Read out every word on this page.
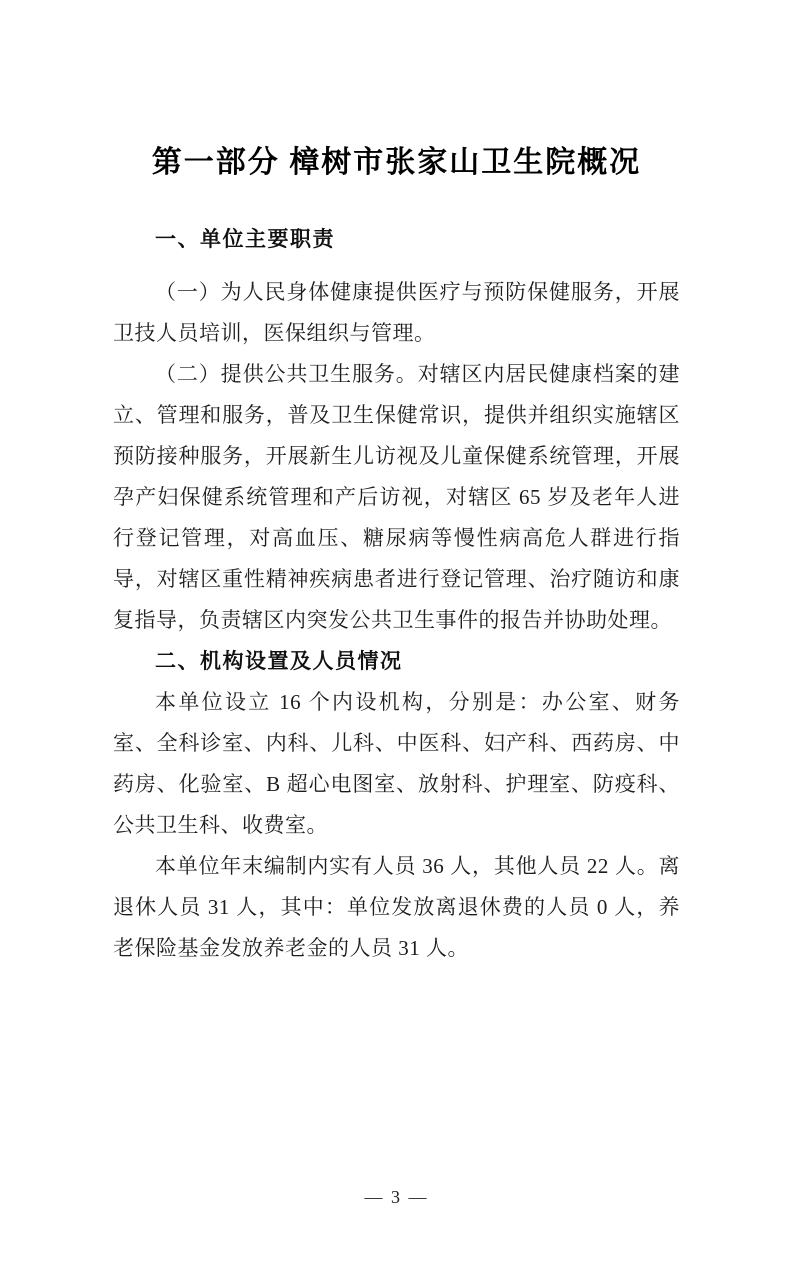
第一部分 樟树市张家山卫生院概况
一、单位主要职责

（一）为人民身体健康提供医疗与预防保健服务，开展卫技人员培训，医保组织与管理。

（二）提供公共卫生服务。对辖区内居民健康档案的建立、管理和服务，普及卫生保健常识，提供并组织实施辖区预防接种服务，开展新生儿访视及儿童保健系统管理，开展孕产妇保健系统管理和产后访视，对辖区 65 岁及老年人进行登记管理，对高血压、糖尿病等慢性病高危人群进行指导，对辖区重性精神疾病患者进行登记管理、治疗随访和康复指导，负责辖区内突发公共卫生事件的报告并协助处理。

二、机构设置及人员情况

本单位设立 16 个内设机构，分别是：办公室、财务室、全科诊室、内科、儿科、中医科、妇产科、西药房、中药房、化验室、B 超心电图室、放射科、护理室、防疫科、公共卫生科、收费室。

本单位年末编制内实有人员 36 人，其他人员 22 人。离退休人员 31 人，其中：单位发放离退休费的人员 0 人，养老保险基金发放养老金的人员 31 人。

— 3 —
